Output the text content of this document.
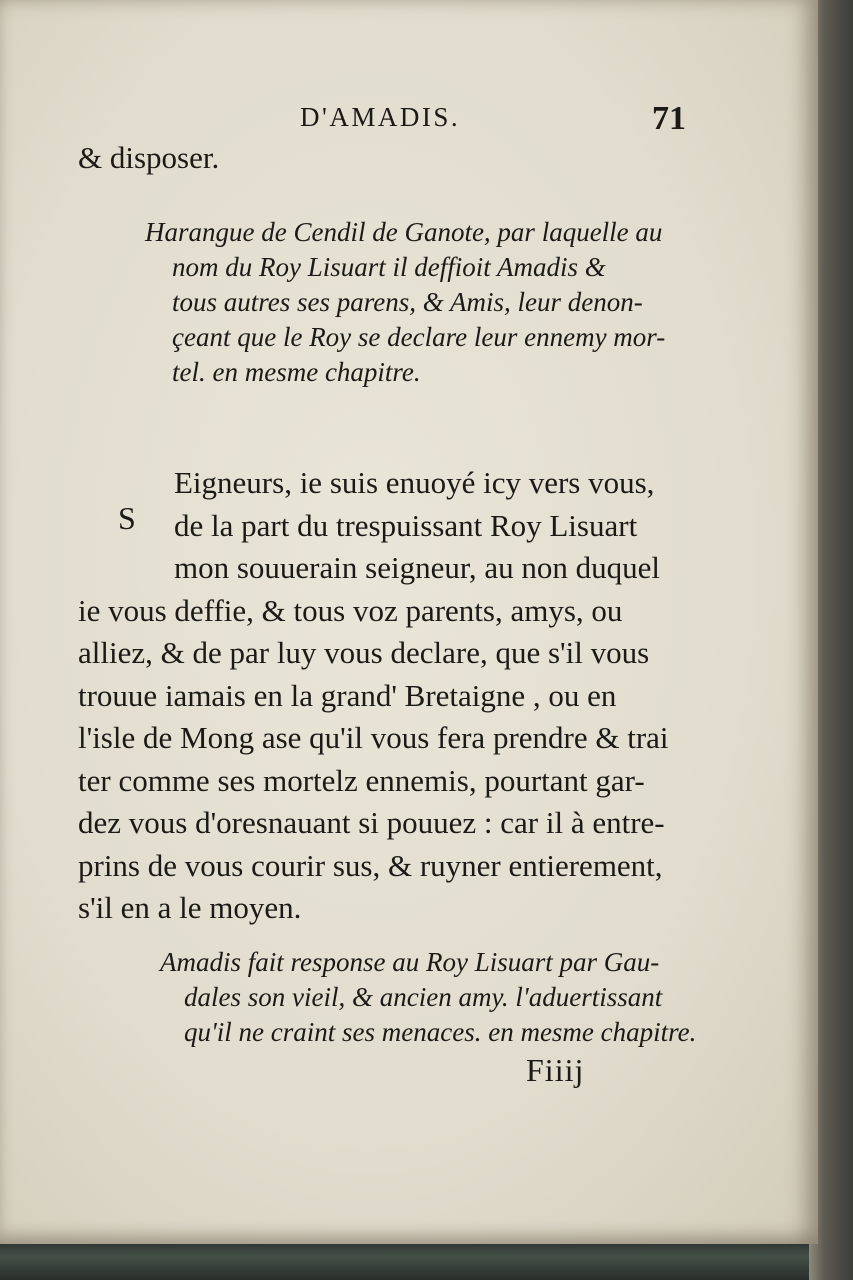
D'AMADIS.	71
& disposer.
Harangue de Cendil de Ganote, par laquelle au
nom du Roy Lisuart il deffioit Amadis &
tous autres ses parens, & Amis, leur denon-
çeant que le Roy se declare leur ennemy mor-
tel. en mesme chapitre.
S
Eigneurs, ie suis enuoyé icy vers vous,
de la part du trespuissant Roy Lisuart
mon souuerain seigneur, au non duquel
ie vous deffie, & tous voz parents, amys, ou
alliez, & de par luy vous declare, que s'il vous
trouue iamais en la grand' Bretaigne , ou en
l'isle de Mong ase qu'il vous fera prendre & trai
ter comme ses mortelz ennemis, pourtant gar-
dez vous d'oresnauant si pouuez : car il à entre-
prins de vous courir sus, & ruyner entierement,
s'il en a le moyen.
Amadis fait response au Roy Lisuart par Gau-
dales son vieil, & ancien amy. l'aduertissant
qu'il ne craint ses menaces. en mesme chapitre.
Fiiij
